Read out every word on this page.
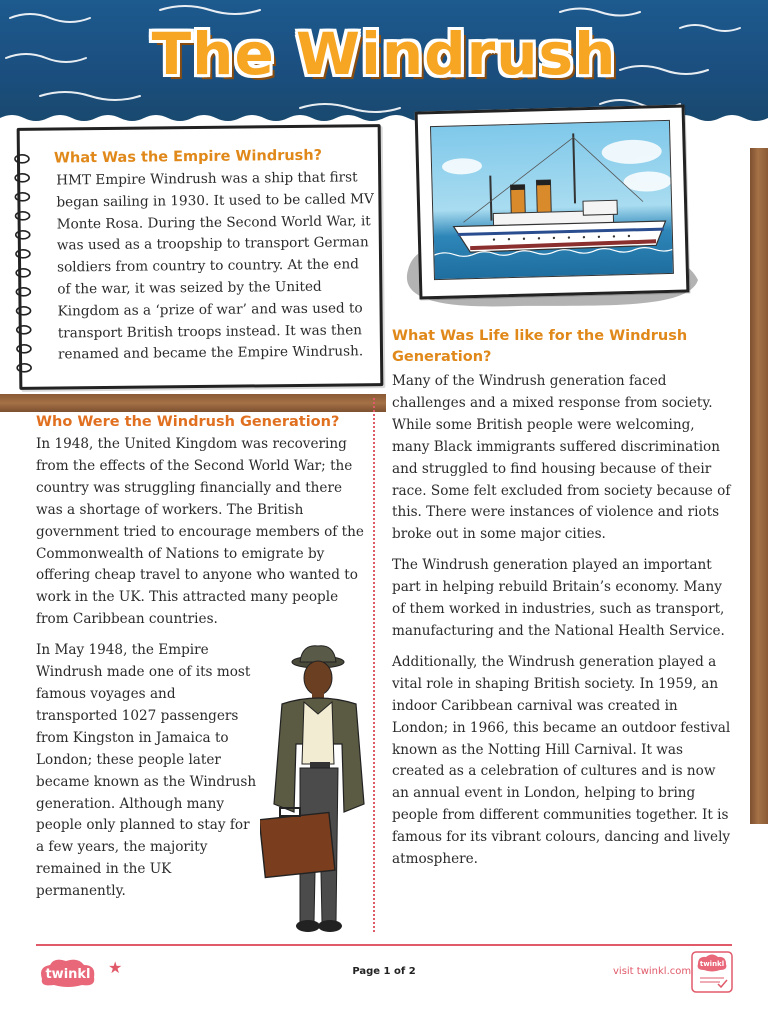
The Windrush
What Was the Empire Windrush?

HMT Empire Windrush was a ship that first began sailing in 1930. It used to be called MV Monte Rosa. During the Second World War, it was used as a troopship to transport German soldiers from country to country. At the end of the war, it was seized by the United Kingdom as a ‘prize of war’ and was used to transport British troops instead. It was then renamed and became the Empire Windrush.

Who Were the Windrush Generation?

In 1948, the United Kingdom was recovering from the effects of the Second World War; the country was struggling financially and there was a shortage of workers. The British government tried to encourage members of the Commonwealth of Nations to emigrate by offering cheap travel to anyone who wanted to work in the UK. This attracted many people from Caribbean countries.

In May 1948, the Empire Windrush made one of its most famous voyages and transported 1027 passengers from Kingston in Jamaica to London; these people later became known as the Windrush generation. Although many people only planned to stay for a few years, the majority remained in the UK permanently.

What Was Life like for the Windrush Generation?

Many of the Windrush generation faced challenges and a mixed response from society. While some British people were welcoming, many Black immigrants suffered discrimination and struggled to find housing because of their race. Some felt excluded from society because of this. There were instances of violence and riots broke out in some major cities.

The Windrush generation played an important part in helping rebuild Britain’s economy. Many of them worked in industries, such as transport, manufacturing and the National Health Service.

Additionally, the Windrush generation played a vital role in shaping British society. In 1959, an indoor Caribbean carnival was created in London; in 1966, this became an outdoor festival known as the Notting Hill Carnival. It was created as a celebration of cultures and is now an annual event in London, helping to bring people from different communities together. It is famous for its vibrant colours, dancing and lively atmosphere.

twinkl ★	Page 1 of 2	visit twinkl.com
twinkl
